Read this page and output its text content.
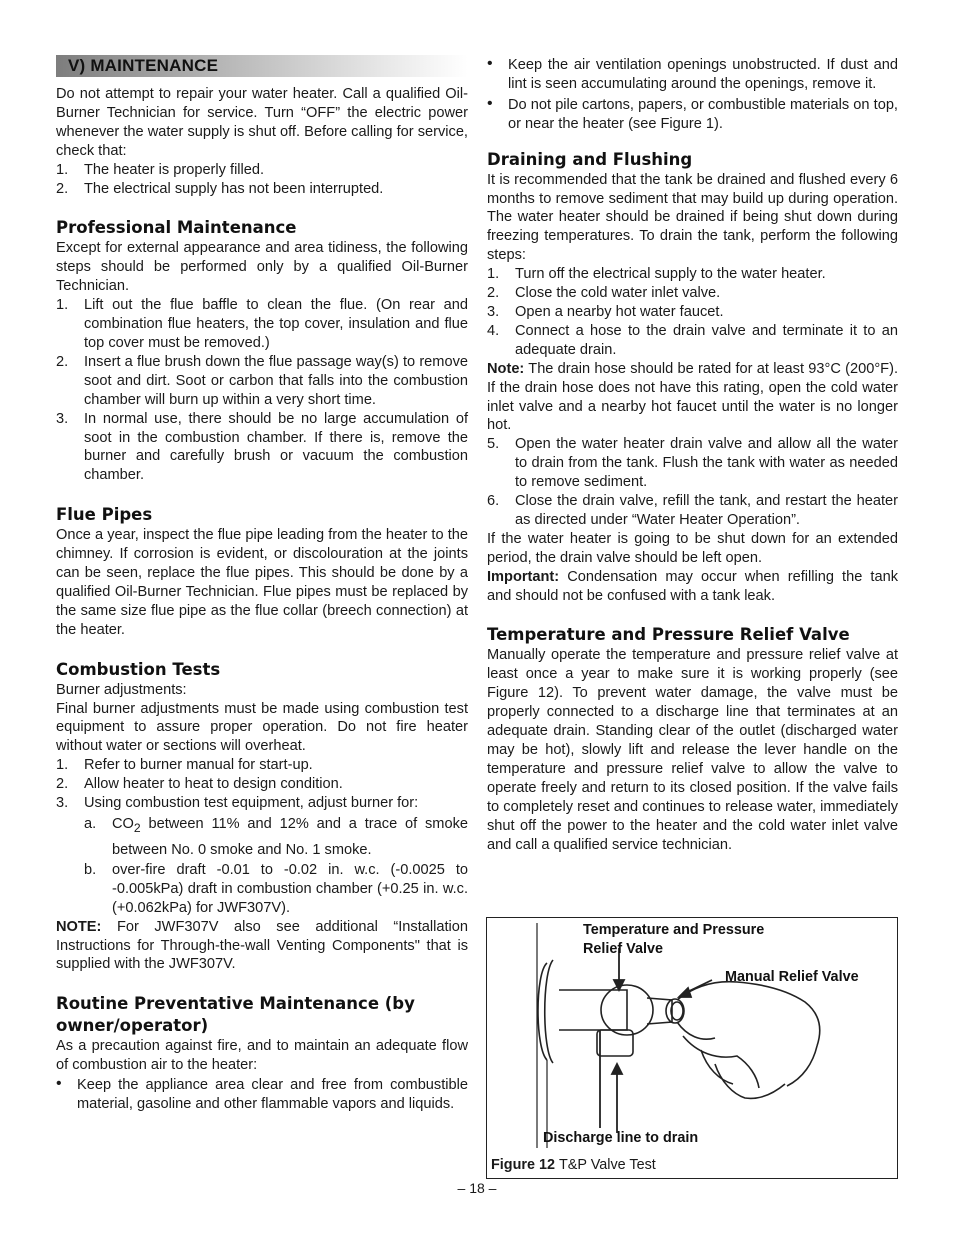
V) MAINTENANCE

Do not attempt to repair your water heater. Call a qualified Oil-Burner Technician for service. Turn “OFF” the electric power whenever the water supply is shut off. Before calling for service, check that:

1. The heater is properly filled.
2. The electrical supply has not been interrupted.
Professional Maintenance

Except for external appearance and area tidiness, the following steps should be performed only by a qualified Oil-Burner Technician.

1. Lift out the flue baffle to clean the flue. (On rear and combination flue heaters, the top cover, insulation and flue top cover must be removed.)
2. Insert a flue brush down the flue passage way(s) to remove soot and dirt. Soot or carbon that falls into the combustion chamber will burn up within a very short time.
3. In normal use, there should be no large accumulation of soot in the combustion chamber. If there is, remove the burner and carefully brush or vacuum the combustion chamber.
Flue Pipes

Once a year, inspect the flue pipe leading from the heater to the chimney. If corrosion is evident, or discolouration at the joints can be seen, replace the flue pipes. This should be done by a qualified Oil-Burner Technician. Flue pipes must be replaced by the same size flue pipe as the flue collar (breech connection) at the heater.

Combustion Tests

Burner adjustments:

Final burner adjustments must be made using combustion test equipment to assure proper operation. Do not fire heater without water or sections will overheat.

1. Refer to burner manual for start-up.
2. Allow heater to heat to design condition.
3. Using combustion test equipment, adjust burner for:
a. $CO_2$ between 11% and 12% and a trace of smoke between No. 0 smoke and No. 1 smoke.
b. over-fire draft -0.01 to -0.02 in. w.c. (-0.0025 to -0.005kPa) draft in combustion chamber (+0.25 in. w.c. (+0.062kPa) for JWF307V).

NOTE: For JWF307V also see additional “Installation Instructions for Through-the-wall Venting Components" that is supplied with the JWF307V.

Routine Preventative Maintenance (by owner/operator)

As a precaution against fire, and to maintain an adequate flow of combustion air to the heater:

• Keep the appliance area clear and free from combustible material, gasoline and other flammable vapors and liquids.
• Keep the air ventilation openings unobstructed. If dust and lint is seen accumulating around the openings, remove it.
• Do not pile cartons, papers, or combustible materials on top, or near the heater (see Figure 1).
Draining and Flushing

It is recommended that the tank be drained and flushed every 6 months to remove sediment that may build up during operation. The water heater should be drained if being shut down during freezing temperatures. To drain the tank, perform the following steps:

1. Turn off the electrical supply to the water heater.
2. Close the cold water inlet valve.
3. Open a nearby hot water faucet.
4. Connect a hose to the drain valve and terminate it to an adequate drain.

Note: The drain hose should be rated for at least 93°C (200°F). If the drain hose does not have this rating, open the cold water inlet valve and a nearby hot faucet until the water is no longer hot.

5. Open the water heater drain valve and allow all the water to drain from the tank. Flush the tank with water as needed to remove sediment.
6. Close the drain valve, refill the tank, and restart the heater as directed under “Water Heater Operation”.

If the water heater is going to be shut down for an extended period, the drain valve should be left open.

Important: Condensation may occur when refilling the tank and should not be confused with a tank leak.

Temperature and Pressure Relief Valve

Manually operate the temperature and pressure relief valve at least once a year to make sure it is working properly (see Figure 12). To prevent water damage, the valve must be properly connected to a discharge line that terminates at an adequate drain. Standing clear of the outlet (discharged water may be hot), slowly lift and release the lever handle on the temperature and pressure relief valve to allow the valve to operate freely and return to its closed position. If the valve fails to completely reset and continues to release water, immediately shut off the power to the heater and the cold water inlet valve and call a qualified service technician.

Temperature and Pressure
Relief Valve
Manual Relief Valve
Discharge line to drain
Figure 12 T&P Valve Test
– 18 –
